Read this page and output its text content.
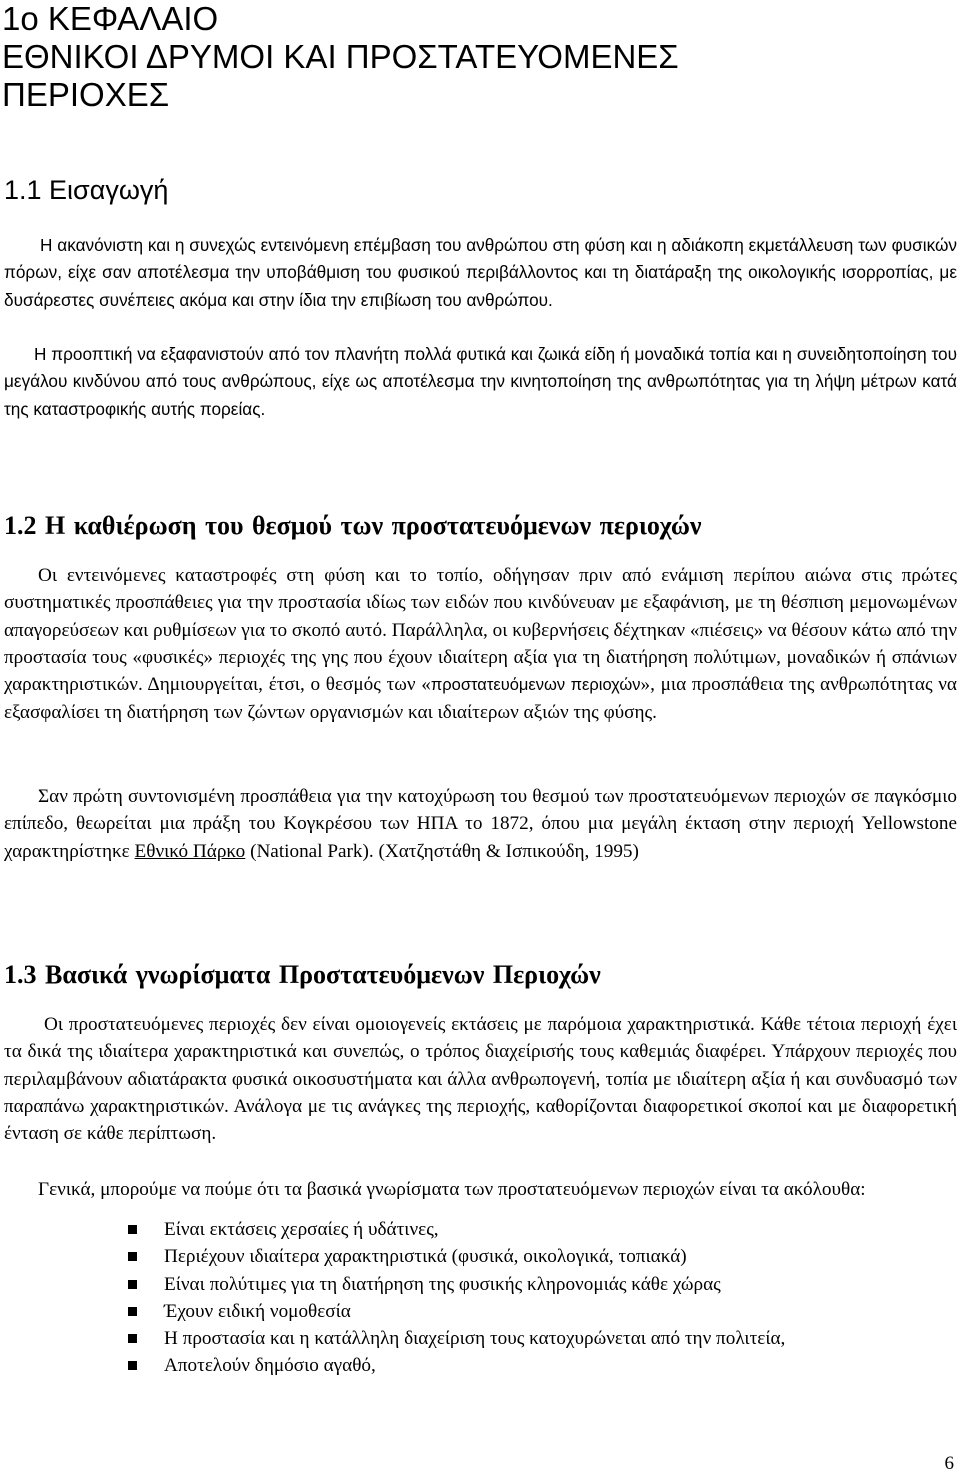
1ο ΚΕΦΑΛΑΙΟ
ΕΘΝΙΚΟΙ ΔΡΥΜΟΙ ΚΑΙ ΠΡΟΣΤΑΤΕΥΟΜΕΝΕΣ
ΠΕΡΙΟΧΕΣ
1.1 Εισαγωγή

Η ακανόνιστη και η συνεχώς εντεινόμενη επέμβαση του ανθρώπου στη φύση και η αδιάκοπη εκμετάλλευση των φυσικών πόρων, είχε σαν αποτέλεσμα την υποβάθμιση του φυσικού περιβάλλοντος και τη διατάραξη της οικολογικής ισορροπίας, με δυσάρεστες συνέπειες ακόμα και στην ίδια την επιβίωση του ανθρώπου.

Η προοπτική να εξαφανιστούν από τον πλανήτη πολλά φυτικά και ζωικά είδη ή μοναδικά τοπία και η συνειδητοποίηση του μεγάλου κινδύνου από τους ανθρώπους, είχε ως αποτέλεσμα την κινητοποίηση της ανθρωπότητας για τη λήψη μέτρων κατά της καταστροφικής αυτής πορείας.

1.2 Η καθιέρωση του θεσμού των προστατευόμενων περιοχών

Οι εντεινόμενες καταστροφές στη φύση και το τοπίο, οδήγησαν πριν από ενάμιση περίπου αιώνα στις πρώτες συστηματικές προσπάθειες για την προστασία ιδίως των ειδών που κινδύνευαν με εξαφάνιση, με τη θέσπιση μεμονωμένων απαγορεύσεων και ρυθμίσεων για το σκοπό αυτό. Παράλληλα, οι κυβερνήσεις δέχτηκαν «πιέσεις» να θέσουν κάτω από την προστασία τους «φυσικές» περιοχές της γης που έχουν ιδιαίτερη αξία για τη διατήρηση πολύτιμων, μοναδικών ή σπάνιων χαρακτηριστικών. Δημιουργείται, έτσι, ο θεσμός των «προστατευόμενων περιοχών», μια προσπάθεια της ανθρωπότητας να εξασφαλίσει τη διατήρηση των ζώντων οργανισμών και ιδιαίτερων αξιών της φύσης.

Σαν πρώτη συντονισμένη προσπάθεια για την κατοχύρωση του θεσμού των προστατευόμενων περιοχών σε παγκόσμιο επίπεδο, θεωρείται μια πράξη του Κογκρέσου των ΗΠΑ το 1872, όπου μια μεγάλη έκταση στην περιοχή Yellowstone χαρακτηρίστηκε Εθνικό Πάρκο (National Park). (Χατζηστάθη & Ισπικούδη, 1995)

1.3 Βασικά γνωρίσματα Προστατευόμενων Περιοχών

Οι προστατευόμενες περιοχές δεν είναι ομοιογενείς εκτάσεις με παρόμοια χαρακτηριστικά. Κάθε τέτοια περιοχή έχει τα δικά της ιδιαίτερα χαρακτηριστικά και συνεπώς, ο τρόπος διαχείρισής τους καθεμιάς διαφέρει. Υπάρχουν περιοχές που περιλαμβάνουν αδιατάρακτα φυσικά οικοσυστήματα και άλλα ανθρωπογενή, τοπία με ιδιαίτερη αξία ή και συνδυασμό των παραπάνω χαρακτηριστικών. Ανάλογα με τις ανάγκες της περιοχής, καθορίζονται διαφορετικοί σκοποί και με διαφορετική ένταση σε κάθε περίπτωση.

Γενικά, μπορούμε να πούμε ότι τα βασικά γνωρίσματα των προστατευόμενων περιοχών είναι τα ακόλουθα:

Είναι εκτάσεις χερσαίες ή υδάτινες,
Περιέχουν ιδιαίτερα χαρακτηριστικά (φυσικά, οικολογικά, τοπιακά)
Είναι πολύτιμες για τη διατήρηση της φυσικής κληρονομιάς κάθε χώρας
Έχουν ειδική νομοθεσία
Η προστασία και η κατάλληλη διαχείριση τους κατοχυρώνεται από την πολιτεία,
Αποτελούν δημόσιο αγαθό,
6
